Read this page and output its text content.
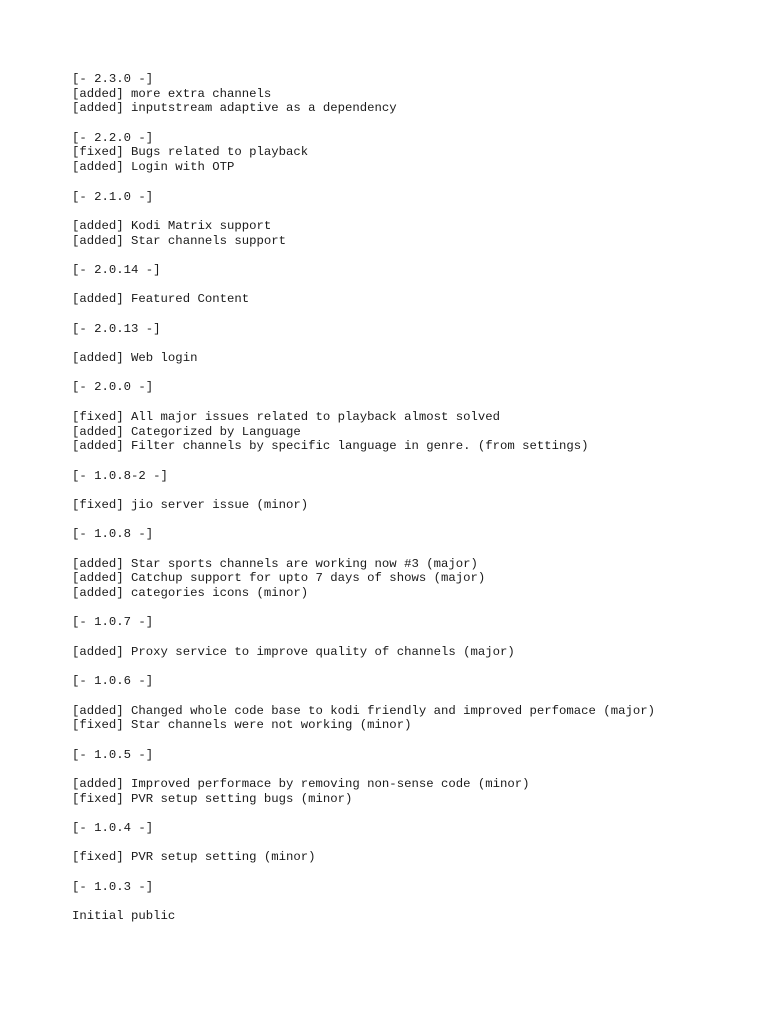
[- 2.3.0 -]
[added] more extra channels
[added] inputstream adaptive as a dependency
[- 2.2.0 -]
[fixed] Bugs related to playback
[added] Login with OTP
[- 2.1.0 -]
[added] Kodi Matrix support
[added] Star channels support
[- 2.0.14 -]
[added] Featured Content
[- 2.0.13 -]
[added] Web login
[- 2.0.0 -]
[fixed] All major issues related to playback almost solved
[added] Categorized by Language
[added] Filter channels by specific language in genre. (from settings)
[- 1.0.8-2 -]
[fixed] jio server issue (minor)
[- 1.0.8 -]
[added] Star sports channels are working now #3 (major)
[added] Catchup support for upto 7 days of shows (major)
[added] categories icons (minor)
[- 1.0.7 -]
[added] Proxy service to improve quality of channels (major)
[- 1.0.6 -]
[added] Changed whole code base to kodi friendly and improved perfomace (major)
[fixed] Star channels were not working (minor)
[- 1.0.5 -]
[added] Improved performace by removing non-sense code (minor)
[fixed] PVR setup setting bugs (minor)
[- 1.0.4 -]
[fixed] PVR setup setting (minor)
[- 1.0.3 -]
Initial public
